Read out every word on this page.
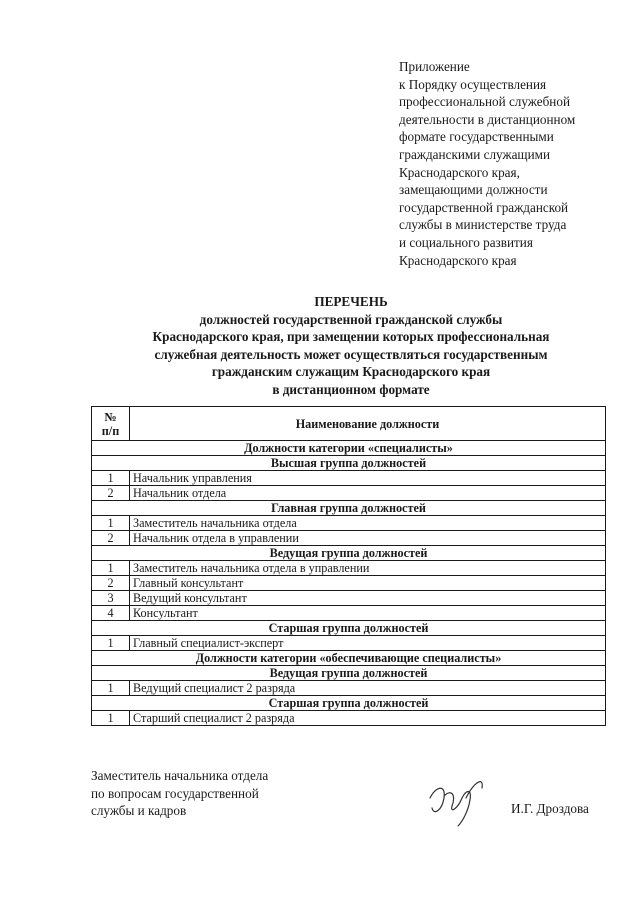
Приложение
к Порядку осуществления
профессиональной служебной
деятельности в дистанционном
формате государственными
гражданскими служащими
Краснодарского края,
замещающими должности
государственной гражданской
службы в министерстве труда
и социального развития
Краснодарского края
ПЕРЕЧЕНЬ
должностей государственной гражданской службы
Краснодарского края, при замещении которых профессиональная
служебная деятельность может осуществляться государственным
гражданским служащим Краснодарского края
в дистанционном формате
№
п/п	Наименование должности
Должности категории «специалисты»	
Высшая группа должностей	
1	Начальник управления
2	Начальник отдела
Главная группа должностей	
1	Заместитель начальника отдела
2	Начальник отдела в управлении
Ведущая группа должностей	
1	Заместитель начальника отдела в управлении
2	Главный консультант
3	Ведущий консультант
4	Консультант
Старшая группа должностей	
1	Главный специалист-эксперт
Должности категории «обеспечивающие специалисты»	
Ведущая группа должностей	
1	Ведущий специалист 2 разряда
Старшая группа должностей	
1	Старший специалист 2 разряда
Заместитель начальника отдела
по вопросам государственной
службы и кадров	И.Г. Дроздова
